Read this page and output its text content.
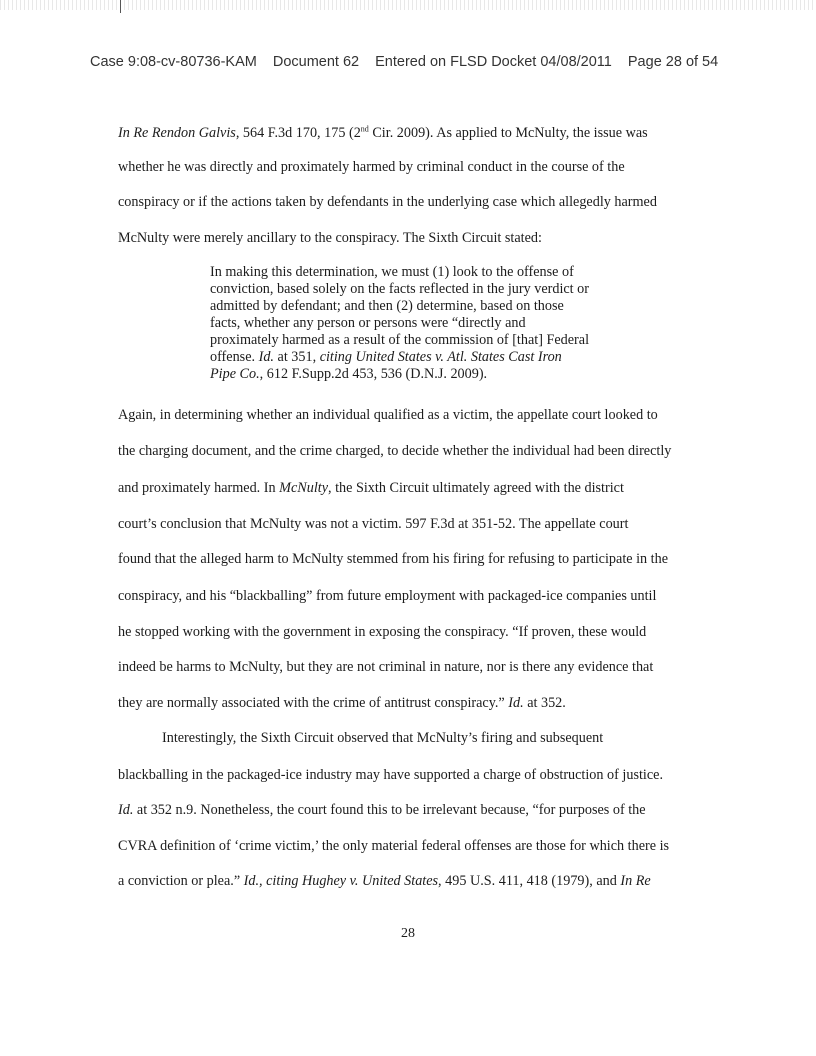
Case 9:08-cv-80736-KAM Document 62 Entered on FLSD Docket 04/08/2011 Page 28 of 54
In Re Rendon Galvis, 564 F.3d 170, 175 (2nd Cir. 2009). As applied to McNulty, the issue was
whether he was directly and proximately harmed by criminal conduct in the course of the
conspiracy or if the actions taken by defendants in the underlying case which allegedly harmed
McNulty were merely ancillary to the conspiracy. The Sixth Circuit stated:
In making this determination, we must (1) look to the offense of
conviction, based solely on the facts reflected in the jury verdict or
admitted by defendant; and then (2) determine, based on those
facts, whether any person or persons were “directly and
proximately harmed as a result of the commission of [that] Federal
offense. Id. at 351, citing United States v. Atl. States Cast Iron
Pipe Co., 612 F.Supp.2d 453, 536 (D.N.J. 2009).
Again, in determining whether an individual qualified as a victim, the appellate court looked to
the charging document, and the crime charged, to decide whether the individual had been directly
and proximately harmed. In McNulty, the Sixth Circuit ultimately agreed with the district
court’s conclusion that McNulty was not a victim. 597 F.3d at 351-52. The appellate court
found that the alleged harm to McNulty stemmed from his firing for refusing to participate in the
conspiracy, and his “blackballing” from future employment with packaged-ice companies until
he stopped working with the government in exposing the conspiracy. “If proven, these would
indeed be harms to McNulty, but they are not criminal in nature, nor is there any evidence that
they are normally associated with the crime of antitrust conspiracy.” Id. at 352.
Interestingly, the Sixth Circuit observed that McNulty’s firing and subsequent
blackballing in the packaged-ice industry may have supported a charge of obstruction of justice.
Id. at 352 n.9. Nonetheless, the court found this to be irrelevant because, “for purposes of the
CVRA definition of ‘crime victim,’ the only material federal offenses are those for which there is
a conviction or plea.” Id., citing Hughey v. United States, 495 U.S. 411, 418 (1979), and In Re
28
